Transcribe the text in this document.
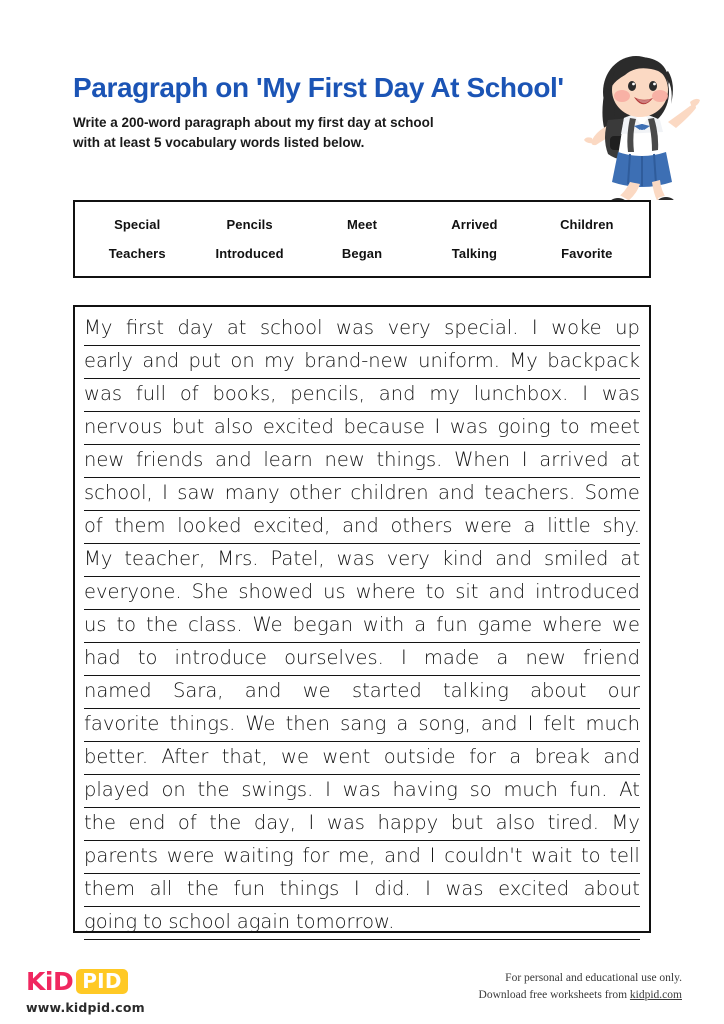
Paragraph on 'My First Day At School'
Write a 200-word paragraph about my first day at school
with at least 5 vocabulary words listed below.
Special	Pencils	Meet	Arrived	Children
Teachers	Introduced	Began	Talking	Favorite
My first day at school was very special. I woke up
early and put on my brand-new uniform. My backpack
was full of books, pencils, and my lunchbox. I was
nervous but also excited because I was going to meet
new friends and learn new things. When I arrived at
school, I saw many other children and teachers. Some
of them looked excited, and others were a little shy.
My teacher, Mrs. Patel, was very kind and smiled at
everyone. She showed us where to sit and introduced
us to the class. We began with a fun game where we
had to introduce ourselves. I made a new friend
named Sara, and we started talking about our
favorite things. We then sang a song, and I felt much
better. After that, we went outside for a break and
played on the swings. I was having so much fun. At
the end of the day, I was happy but also tired. My
parents were waiting for me, and I couldn't wait to tell
them all the fun things I did. I was excited about
going to school again tomorrow.
KiD PID
www.kidpid.com
For personal and educational use only.
Download free worksheets from kidpid.com
